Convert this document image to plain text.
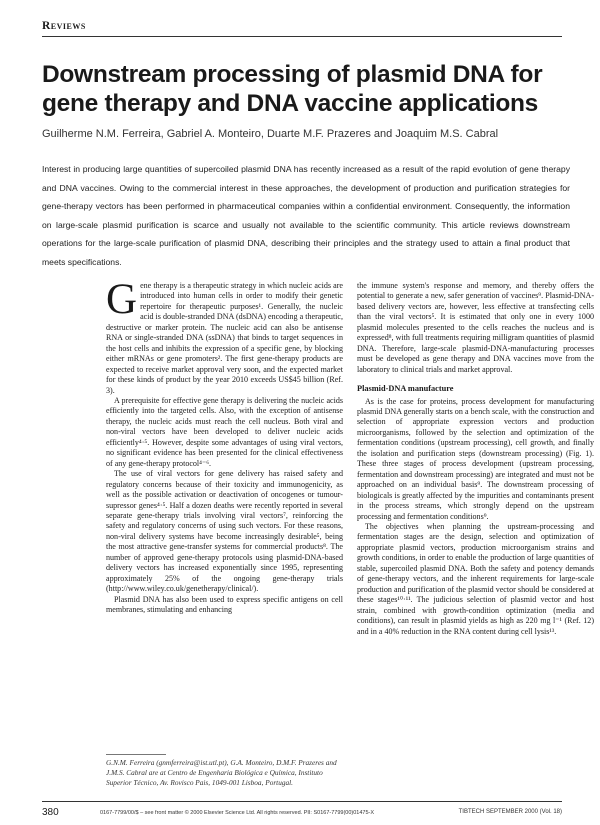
Reviews
Downstream processing of plasmid DNA for gene therapy and DNA vaccine applications
Guilherme N.M. Ferreira, Gabriel A. Monteiro, Duarte M.F. Prazeres and Joaquim M.S. Cabral

Interest in producing large quantities of supercoiled plasmid DNA has recently increased as a result of the rapid evolution of gene therapy and DNA vaccines. Owing to the commercial interest in these approaches, the development of production and purification strategies for gene-therapy vectors has been performed in pharmaceutical companies within a confidential environment. Consequently, the information on large-scale plasmid purification is scarce and usually not available to the scientific community. This article reviews downstream operations for the large-scale purification of plasmid DNA, describing their principles and the strategy used to attain a final product that meets specifications.

Gene therapy is a therapeutic strategy in which nucleic acids are introduced into human cells in order to modify their genetic repertoire for therapeutic purposes¹. Generally, the nucleic acid is double-stranded DNA (dsDNA) encoding a therapeutic, destructive or marker protein. The nucleic acid can also be antisense RNA or single-stranded DNA (ssDNA) that binds to target sequences in the host cells and inhibits the expression of a specific gene, by blocking either mRNAs or gene promoters². The first gene-therapy products are expected to receive market approval very soon, and the expected market for these kinds of product by the year 2010 exceeds US$45 billion (Ref. 3).

A prerequisite for effective gene therapy is delivering the nucleic acids efficiently into the targeted cells. Also, with the exception of antisense therapy, the nucleic acids must reach the cell nucleus. Both viral and non-viral vectors have been developed to deliver nucleic acids efficiently⁴·⁵. However, despite some advantages of using viral vectors, no significant evidence has been presented for the clinical effectiveness of any gene-therapy protocol⁴⁻⁶.

The use of viral vectors for gene delivery has raised safety and regulatory concerns because of their toxicity and immunogenicity, as well as the possible activation or deactivation of oncogenes or tumour-supressor genes⁴·⁵. Half a dozen deaths were recently reported in several separate gene-therapy trials involving viral vectors⁷, reinforcing the safety and regulatory concerns of using such vectors. For these reasons, non-viral delivery systems have become increasingly desirable⁵, being the most attractive gene-transfer systems for commercial products⁸. The number of approved gene-therapy protocols using plasmid-DNA-based delivery vectors has increased exponentially since 1995, representing approximately 25% of the ongoing gene-therapy trials (http://www.wiley.co.uk/genetherapy/clinical/).

Plasmid DNA has also been used to express specific antigens on cell membranes, stimulating and enhancing

the immune system's response and memory, and thereby offers the potential to generate a new, safer generation of vaccines⁹. Plasmid-DNA-based delivery vectors are, however, less effective at transfecting cells than the viral vectors⁵. It is estimated that only one in every 1000 plasmid molecules presented to the cells reaches the nucleus and is expressed⁸, with full treatments requiring milligram quantities of plasmid DNA. Therefore, large-scale plasmid-DNA-manufacturing processes must be developed as gene therapy and DNA vaccines move from the laboratory to clinical trials and market approval.

Plasmid-DNA manufacture

As is the case for proteins, process development for manufacturing plasmid DNA generally starts on a bench scale, with the construction and selection of appropriate expression vectors and production microorganisms, followed by the selection and optimization of the fermentation conditions (upstream processing), cell growth, and finally the isolation and purification steps (downstream processing) (Fig. 1). These three stages of process development (upstream processing, fermentation and downstream processing) are integrated and must not be approached on an individual basis⁹. The downstream processing of biologicals is greatly affected by the impurities and contaminants present in the process streams, which strongly depend on the upstream processing and fermentation conditions⁹.

The objectives when planning the upstream-processing and fermentation stages are the design, selection and optimization of appropriate plasmid vectors, production microorganism strains and growth conditions, in order to enable the production of large quantities of stable, supercoiled plasmid DNA. Both the safety and potency demands of gene-therapy vectors, and the inherent requirements for large-scale production and purification of the plasmid vector should be considered at these stages¹⁰·¹¹. The judicious selection of plasmid vector and host strain, combined with growth-condition optimization (media and conditions), can result in plasmid yields as high as 220 mg l⁻¹ (Ref. 12) and in a 40% reduction in the RNA content during cell lysis¹³.

G.N.M. Ferreira (gnmferreira@ist.utl.pt), G.A. Monteiro, D.M.F. Prazeres and J.M.S. Cabral are at Centro de Engenharia Biológica e Química, Instituto Superior Técnico, Av. Rovisco Pais, 1049-001 Lisboa, Portugal.

380	0167-7799/00/$ – see front matter © 2000 Elsevier Science Ltd. All rights reserved. PII: S0167-7799(00)01475-X	TIBTECH SEPTEMBER 2000 (Vol. 18)
